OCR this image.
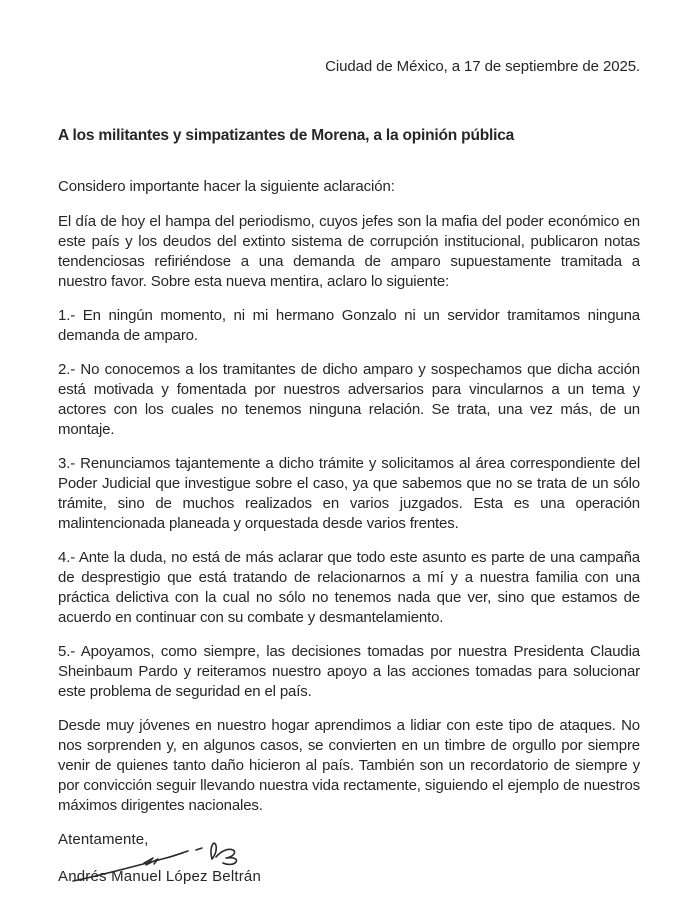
Ciudad de México, a 17 de septiembre de 2025.

A los militantes y simpatizantes de Morena, a la opinión pública

Considero importante hacer la siguiente aclaración:

El día de hoy el hampa del periodismo, cuyos jefes son la mafia del poder económico en este país y los deudos del extinto sistema de corrupción institucional, publicaron notas tendenciosas refiriéndose a una demanda de amparo supuestamente tramitada a nuestro favor. Sobre esta nueva mentira, aclaro lo siguiente:

1.- En ningún momento, ni mi hermano Gonzalo ni un servidor tramitamos ninguna demanda de amparo.

2.- No conocemos a los tramitantes de dicho amparo y sospechamos que dicha acción está motivada y fomentada por nuestros adversarios para vincularnos a un tema y actores con los cuales no tenemos ninguna relación. Se trata, una vez más, de un montaje.

3.- Renunciamos tajantemente a dicho trámite y solicitamos al área correspondiente del Poder Judicial que investigue sobre el caso, ya que sabemos que no se trata de un sólo trámite, sino de muchos realizados en varios juzgados. Esta es una operación malintencionada planeada y orquestada desde varios frentes.

4.- Ante la duda, no está de más aclarar que todo este asunto es parte de una campaña de desprestigio que está tratando de relacionarnos a mí y a nuestra familia con una práctica delictiva con la cual no sólo no tenemos nada que ver, sino que estamos de acuerdo en continuar con su combate y desmantelamiento.

5.- Apoyamos, como siempre, las decisiones tomadas por nuestra Presidenta Claudia Sheinbaum Pardo y reiteramos nuestro apoyo a las acciones tomadas para solucionar este problema de seguridad en el país.

Desde muy jóvenes en nuestro hogar aprendimos a lidiar con este tipo de ataques. No nos sorprenden y, en algunos casos, se convierten en un timbre de orgullo por siempre venir de quienes tanto daño hicieron al país. También son un recordatorio de siempre y por convicción seguir llevando nuestra vida rectamente, siguiendo el ejemplo de nuestros máximos dirigentes nacionales.

Atentamente,

Andrés Manuel López Beltrán
